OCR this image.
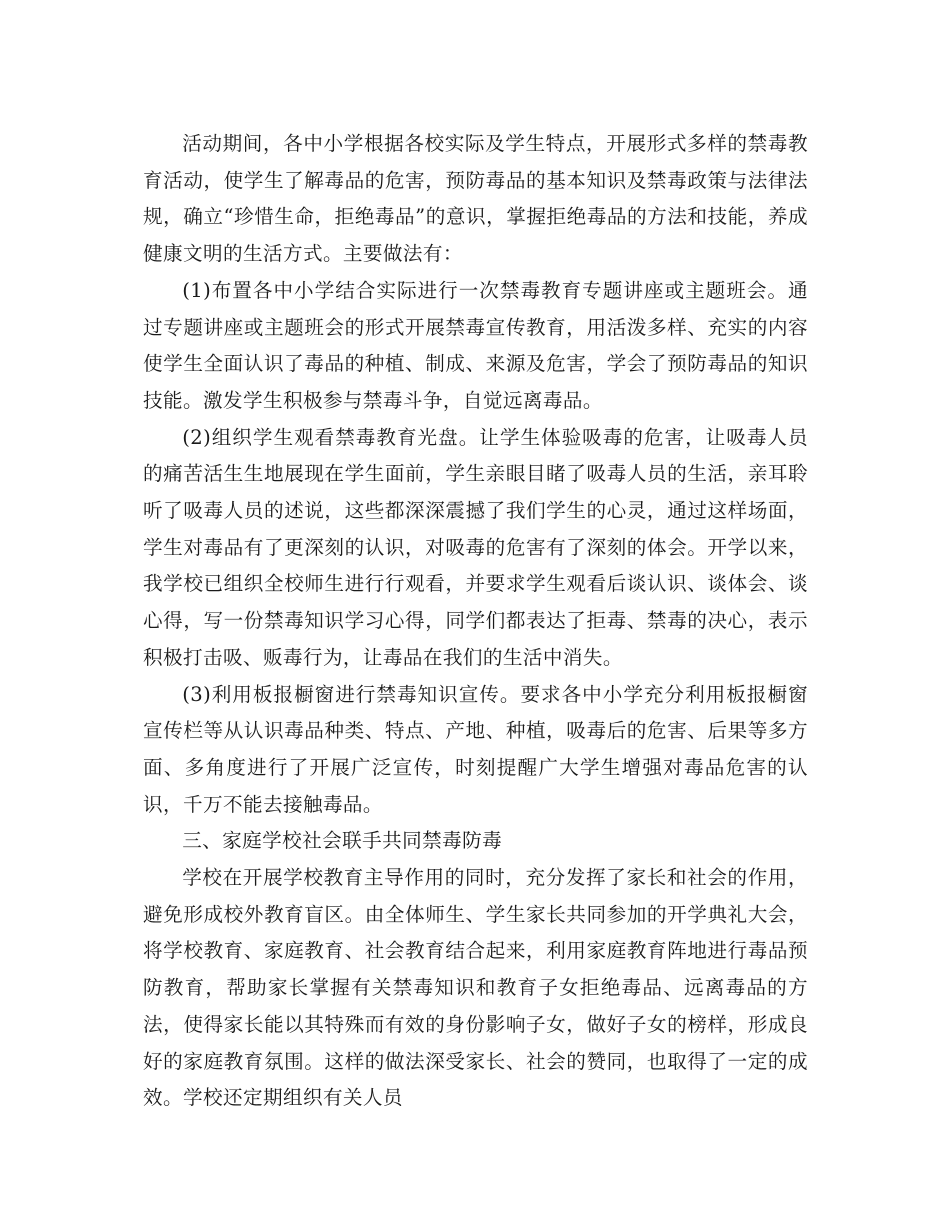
活动期间，各中小学根据各校实际及学生特点，开展形式多样的禁毒教育活动，使学生了解毒品的危害，预防毒品的基本知识及禁毒政策与法律法规，确立“珍惜生命，拒绝毒品”的意识，掌握拒绝毒品的方法和技能，养成健康文明的生活方式。主要做法有：

(1)布置各中小学结合实际进行一次禁毒教育专题讲座或主题班会。通过专题讲座或主题班会的形式开展禁毒宣传教育，用活泼多样、充实的内容使学生全面认识了毒品的种植、制成、来源及危害，学会了预防毒品的知识技能。激发学生积极参与禁毒斗争，自觉远离毒品。

(2)组织学生观看禁毒教育光盘。让学生体验吸毒的危害，让吸毒人员的痛苦活生生地展现在学生面前，学生亲眼目睹了吸毒人员的生活，亲耳聆听了吸毒人员的述说，这些都深深震撼了我们学生的心灵，通过这样场面，学生对毒品有了更深刻的认识，对吸毒的危害有了深刻的体会。开学以来，我学校已组织全校师生进行行观看，并要求学生观看后谈认识、谈体会、谈心得，写一份禁毒知识学习心得，同学们都表达了拒毒、禁毒的决心，表示积极打击吸、贩毒行为，让毒品在我们的生活中消失。

(3)利用板报橱窗进行禁毒知识宣传。要求各中小学充分利用板报橱窗宣传栏等从认识毒品种类、特点、产地、种植，吸毒后的危害、后果等多方面、多角度进行了开展广泛宣传，时刻提醒广大学生增强对毒品危害的认识，千万不能去接触毒品。

三、家庭学校社会联手共同禁毒防毒

学校在开展学校教育主导作用的同时，充分发挥了家长和社会的作用，避免形成校外教育盲区。由全体师生、学生家长共同参加的开学典礼大会，将学校教育、家庭教育、社会教育结合起来，利用家庭教育阵地进行毒品预防教育，帮助家长掌握有关禁毒知识和教育子女拒绝毒品、远离毒品的方法，使得家长能以其特殊而有效的身份影响子女，做好子女的榜样，形成良好的家庭教育氛围。这样的做法深受家长、社会的赞同，也取得了一定的成效。学校还定期组织有关人员
